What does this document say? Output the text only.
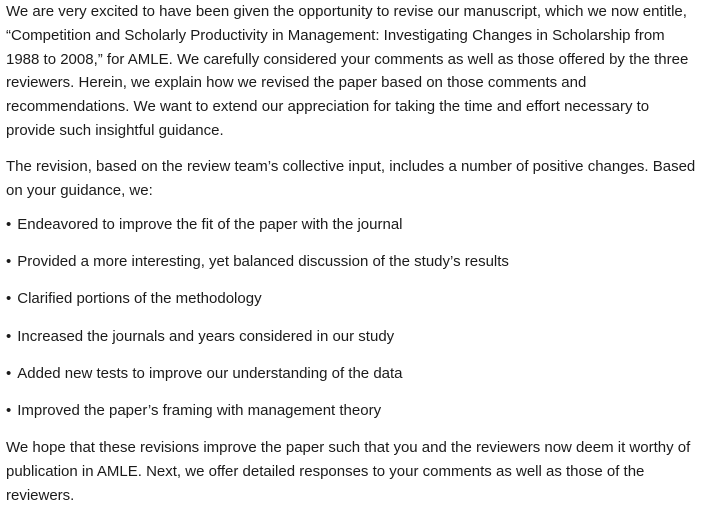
We are very excited to have been given the opportunity to revise our manuscript, which we now entitle,
“Competition and Scholarly Productivity in Management: Investigating Changes in Scholarship from
1988 to 2008,” for AMLE. We carefully considered your comments as well as those offered by the three
reviewers. Herein, we explain how we revised the paper based on those comments and
recommendations. We want to extend our appreciation for taking the time and effort necessary to
provide such insightful guidance.

The revision, based on the review team’s collective input, includes a number of positive changes. Based
on your guidance, we:

• Endeavored to improve the fit of the paper with the journal

• Provided a more interesting, yet balanced discussion of the study’s results

• Clarified portions of the methodology

• Increased the journals and years considered in our study

• Added new tests to improve our understanding of the data

• Improved the paper’s framing with management theory

We hope that these revisions improve the paper such that you and the reviewers now deem it worthy of
publication in AMLE. Next, we offer detailed responses to your comments as well as those of the
reviewers.
